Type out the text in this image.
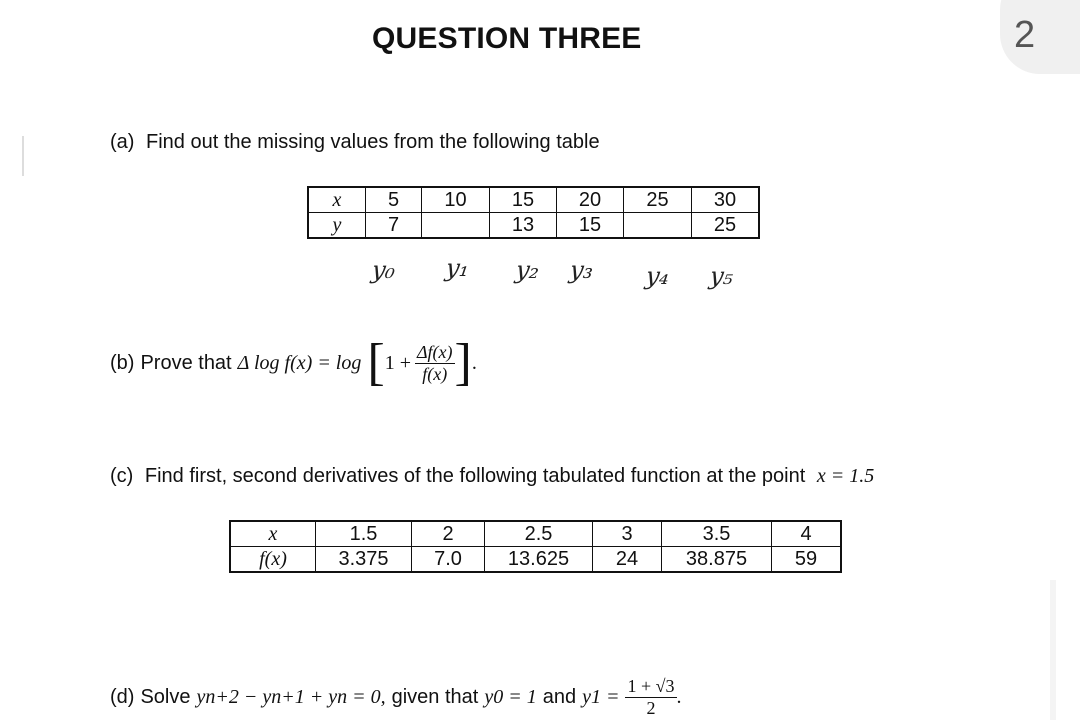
2
QUESTION THREE
(a) Find out the missing values from the following table
x	5	10	15	20	25	30
y	7		13	15		25
y₀ y₁ y₂ y₃ y₄ y₅
(b) Prove that Δ log f(x) = log [ $1 + \frac{\Delta f(x)}{f(x)}$ ] .
(c) Find first, second derivatives of the following tabulated function at the point x = 1.5
x	1.5	2	2.5	3	3.5	4
f(x)	3.375	7.0	13.625	24	38.875	59
(d) Solve yn+2 − yn+1 + yn = 0, given that y0 = 1 and $y1 = \frac{1 + √3}{2}$ .
